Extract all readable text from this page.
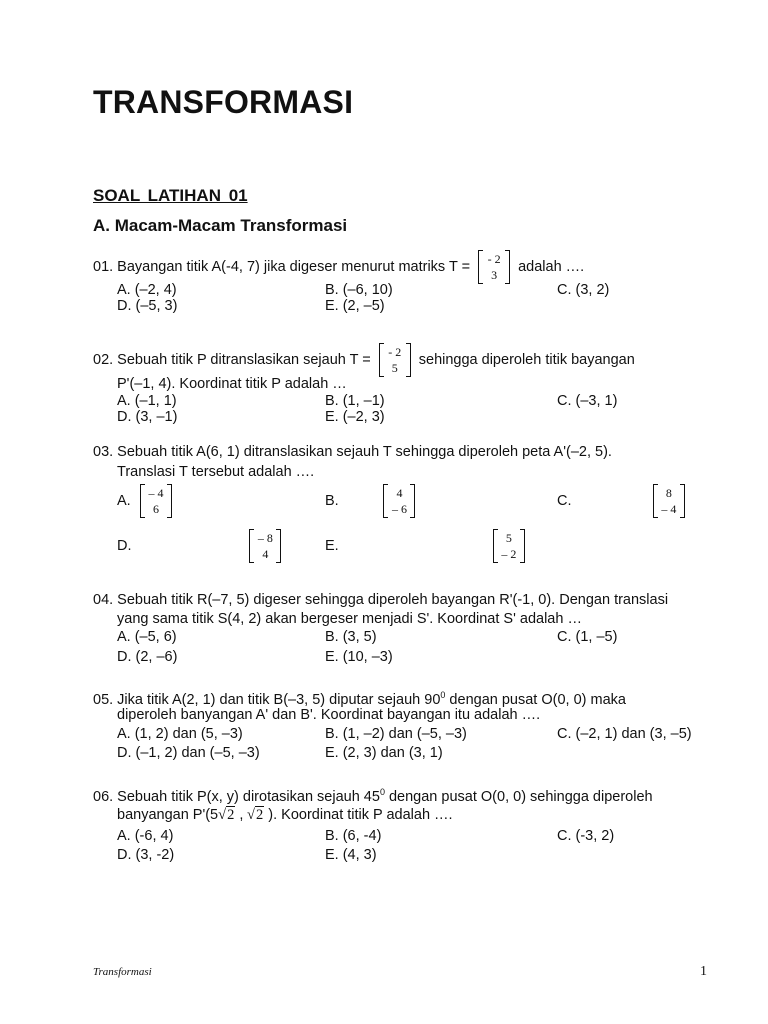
TRANSFORMASI
SOAL LATIHAN 01
A. Macam-Macam Transformasi
01. Bayangan titik A(-4, 7) jika digeser menurut matriks T = - 2
3
adalah ….
A. (–2, 4)	B. (–6, 10)	C. (3, 2)
D. (–5, 3)	E. (2, –5)
02. Sebuah titik P ditranslasikan sejauh T = - 2
5
sehingga diperoleh titik bayangan
P'(–1, 4). Koordinat titik P adalah …
A. (–1, 1)	B. (1, –1)	C. (–3, 1)
D. (3, –1)	E. (–2, 3)
03. Sebuah titik A(6, 1) ditranslasikan sejauh T sehingga diperoleh peta A'(–2, 5).
Translasi T tersebut adalah ….
A. – 4
6
	B.	4
– 6
	C.	8
– 4

D.	– 8
4
	E.	5
– 2
04. Sebuah titik R(–7, 5) digeser sehingga diperoleh bayangan R'(-1, 0). Dengan translasi
yang sama titik S(4, 2) akan bergeser menjadi S'. Koordinat S' adalah …
A. (–5, 6)	B. (3, 5)	C. (1, –5)
D. (2, –6)	E. (10, –3)
05. Jika titik A(2, 1) dan titik B(–3, 5) diputar sejauh $90^0$ dengan pusat O(0, 0) maka
diperoleh banyangan A' dan B'. Koordinat bayangan itu adalah ….
A. (1, 2) dan (5, –3)	B. (1, –2) dan (–5, –3)	C. (–2, 1) dan (3, –5)
D. (–1, 2) dan (–5, –3)	E. (2, 3) dan (3, 1)
06. Sebuah titik P(x, y) dirotasikan sejauh $45^0$ dengan pusat O(0, 0) sehingga diperoleh
banyangan P'(5√2 , √2 ). Koordinat titik P adalah ….
A. (-6, 4)	B. (6, -4)	C. (-3, 2)
D. (3, -2)	E. (4, 3)
Transformasi	1
